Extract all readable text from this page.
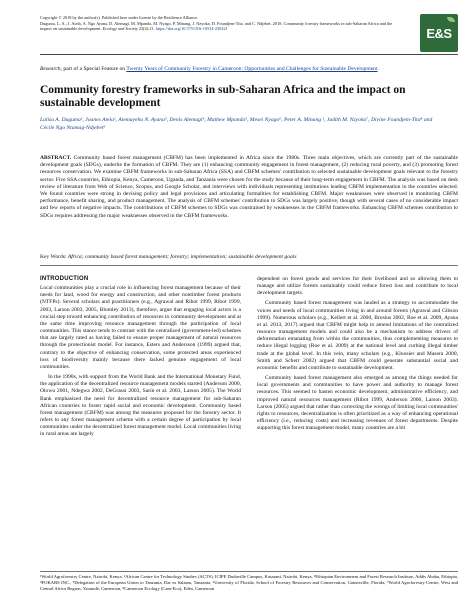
Copyright © 2018 by the author(s). Published here under license by the Resilience Alliance.
Duguma, L. A., J. Atela, A. Ngo Ayana, D. Alemagi, M. Mpanda, M. Nyago, P. Minang, J. Nzyoka, D. Foundjem-Tita, and C. Ndjebet. 2018. Community forestry frameworks in sub-Saharan Africa and the impact on sustainable development. Ecology and Society 23(4):21. https://doi.org/10.5751/ES-10514-230421	E&S
Research, part of a Special Feature on Twenty Years of Community Forestry in Cameroon: Opportunities and Challenges for Sustainable Development
Community forestry frameworks in sub-Saharan Africa and the impact on sustainable development
Lalisa A. Duguma¹, Joanes Atela², Alemayehu N. Ayana³, Denis Alemagi⁴, Mathew Mpanda⁵, Mesei Nyago⁶, Peter A. Minang ¹, Judith M. Nzyoka⁷, Divine Foundjem-Tita⁸ and Cécile Ngo Ntamag-Ndjebet⁹
ABSTRACT. Community based forest management (CBFM) has been implemented in Africa since the 1980s. Three main objectives, which are currently part of the sustainable development goals (SDGs), underlie the formation of CBFM. They are (1) enhancing community engagement in forest management, (2) reducing rural poverty, and (3) promoting forest resources conservation. We examine CBFM frameworks in sub-Saharan Africa (SSA) and CBFM schemes' contribution to selected sustainable development goals relevant to the forestry sector. Five SSA countries, Ethiopia, Kenya, Cameroon, Uganda, and Tanzania were chosen for the study because of their long-term engagement in CBFM. The analysis was based on desk review of literature from Web of Science, Scopus, and Google Scholar, and interviews with individuals representing institutions leading CBFM implementation in the countries selected. We found countries were strong in devising policy and legal provisions and articulating formalities for establishing CBFM. Major weaknesses were observed in monitoring CBFM performance, benefit sharing, and product management. The analysis of CBFM schemes' contribution to SDGs was largely positive, though with several cases of no considerable impact and few reports of negative impacts. The contributions of CBFM schemes to SDGs was constrained by weaknesses in the CBFM frameworks. Enhancing CBFM schemes contribution to SDGs requires addressing the major weaknesses observed in the CBFM frameworks.
Key Words: Africa; community based forest management; forestry; implementation; sustainable development goals
INTRODUCTION

Local communities play a crucial role in influencing forest management because of their needs for land, wood for energy and construction, and other nontimber forest products (NTFPs). Several scholars and practitioners (e.g., Agrawal and Ribot 1999, Ribot 1999, 2003, Larson 2003, 2005, Blomley 2013), therefore, argue that engaging local actors is a crucial step toward enhancing contribution of resources to community development and at the same time improving resource management through the participation of local communities. This stance tends to contrast with the centralized (government-led) schemes that are largely rated as having failed to ensure proper management of natural resources through the protectionist model. For instance, Esters and Andersson (1999) argued that, contrary to the objective of enhancing conservation, some protected areas experienced loss of biodiversity mainly because there lacked genuine engagement of local communities.

In the 1990s, with support from the World Bank and the International Monetary Fund, the application of the decentralized resource management models started (Anderson 2000, Olowu 2001, Ndegwa 2002, DeGrassi 2003, Sarin et al. 2003, Larson 2005). The World Bank emphasized the need for decentralized resource management for sub-Saharan African countries to foster rapid social and economic development. Community based forest management (CBFM) was among the measures proposed for the forestry sector. It refers to any forest management scheme with a certain degree of participation by local communities under the decentralized forest management model. Local communities living in rural areas are largely

dependent on forest goods and services for their livelihood and so allowing them to manage and utilize forests sustainably could reduce forest loss and contribute to local development targets.

Community based forest management was lauded as a strategy to accommodate the voices and needs of local communities living in and around forests (Agrawal and Gibson 1999). Numerous scholars (e.g., Kellert et al. 2000, Brosius 2002, Roe et al. 2009, Ayana et al. 2013, 2017) argued that CBFM might help to amend limitations of the centralized resource management models and could also be a mechanism to address drivers of deforestation emanating from within the communities, thus complementing measures to reduce illegal logging (Roe et al. 2009) at the national level and curbing illegal timber trade at the global level. In this vein, many scholars (e.g., Kloosier and Masera 2000, Smith and Scherr 2002) argued that CBFM could generate substantial social and economic benefits and contribute to sustainable development.

Community based forest management also emerged as among the things needed for local governments and communities to have power and authority to manage forest resources. This seemed to hasten economic development, administrative efficiency, and improved natural resources management (Ribot 1999, Anderson 2000, Larson 2003). Larson (2005) argued that rather than correcting the wrongs of limiting local communities' rights to resources, decentralization is often prioritized as a way of enhancing operational efficiency (i.e., reducing costs) and increasing revenues of forest departments. Despite supporting this forest management model, many countries are a bit

¹World Agroforestry Centre, Nairobi, Kenya, ²African Centre for Technology Studies (ACTS), ICIPE Duduville Campus, Kasarani, Nairobi, Kenya, ³Ethiopian Environment and Forest Research Institute, Addis Ababa, Ethiopia, ⁴FOKABS INC., ⁵Delegation of the European Union to Tanzania, Dar es Salaam, Tanzania, ⁶University of Florida, School of Forestry Resources and Conservation, Gainesville, Florida, ⁷World Agroforestry Centre, West and Central Africa Region, Yaoundé, Cameroon, ⁸Cameroon Ecology (Cam-Eco), Edéa, Cameroon
